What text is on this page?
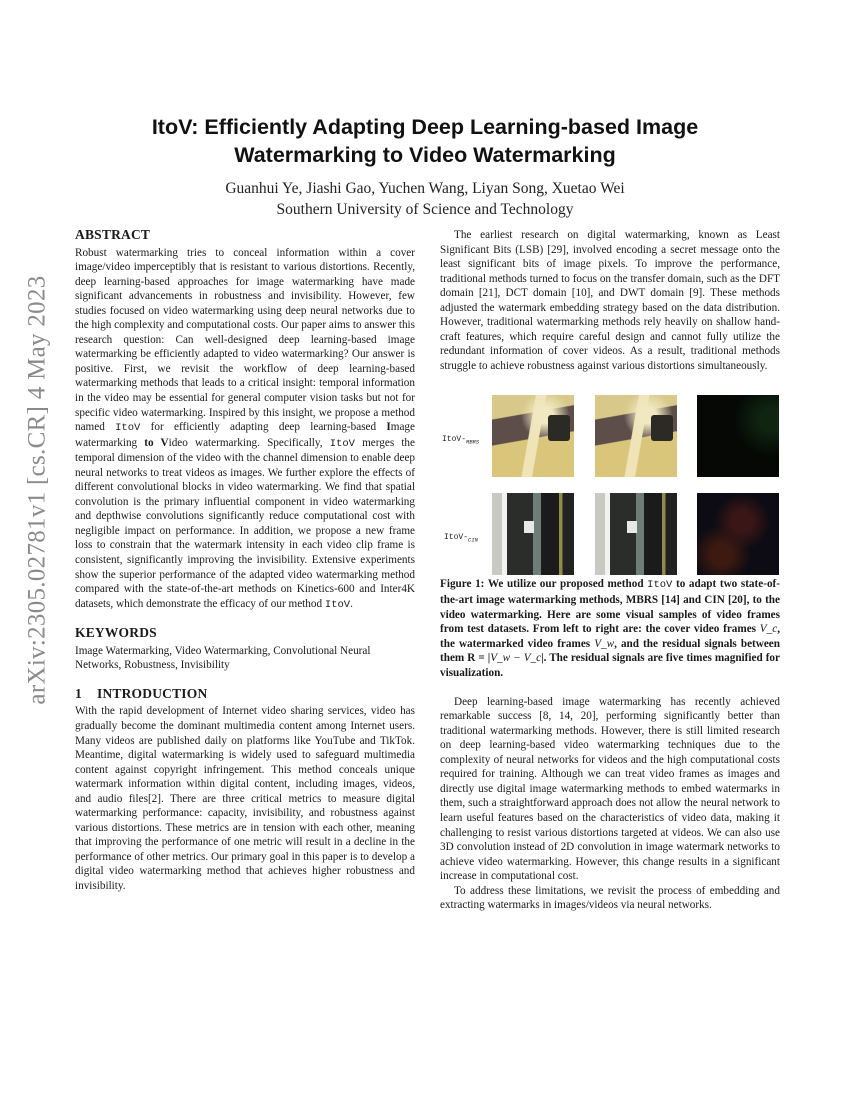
arXiv:2305.02781v1 [cs.CR] 4 May 2023
ItoV: Efficiently Adapting Deep Learning-based Image
Watermarking to Video Watermarking
Guanhui Ye, Jiashi Gao, Yuchen Wang, Liyan Song, Xuetao Wei
Southern University of Science and Technology
ABSTRACT

Robust watermarking tries to conceal information within a cover image/video imperceptibly that is resistant to various distortions. Recently, deep learning-based approaches for image watermarking have made significant advancements in robustness and invisibility. However, few studies focused on video watermarking using deep neural networks due to the high complexity and computational costs. Our paper aims to answer this research question: Can well-designed deep learning-based image watermarking be efficiently adapted to video watermarking? Our answer is positive. First, we revisit the workflow of deep learning-based watermarking methods that leads to a critical insight: temporal information in the video may be essential for general computer vision tasks but not for specific video watermarking. Inspired by this insight, we propose a method named ItoV for efficiently adapting deep learning-based Image watermarking to Video watermarking. Specifically, ItoV merges the temporal dimension of the video with the channel dimension to enable deep neural networks to treat videos as images. We further explore the effects of different convolutional blocks in video watermarking. We find that spatial convolution is the primary influential component in video watermarking and depthwise convolutions significantly reduce computational cost with negligible impact on performance. In addition, we propose a new frame loss to constrain that the watermark intensity in each video clip frame is consistent, significantly improving the invisibility. Extensive experiments show the superior performance of the adapted video watermarking method compared with the state-of-the-art methods on Kinetics-600 and Inter4K datasets, which demonstrate the efficacy of our method ItoV.

KEYWORDS

Image Watermarking, Video Watermarking, Convolutional Neural Networks, Robustness, Invisibility

1 INTRODUCTION

With the rapid development of Internet video sharing services, video has gradually become the dominant multimedia content among Internet users. Many videos are published daily on platforms like YouTube and TikTok. Meantime, digital watermarking is widely used to safeguard multimedia content against copyright infringement. This method conceals unique watermark information within digital content, including images, videos, and audio files[2]. There are three critical metrics to measure digital watermarking performance: capacity, invisibility, and robustness against various distortions. These metrics are in tension with each other, meaning that improving the performance of one metric will result in a decline in the performance of other metrics. Our primary goal in this paper is to develop a digital video watermarking method that achieves higher robustness and invisibility.

The earliest research on digital watermarking, known as Least Significant Bits (LSB) [29], involved encoding a secret message onto the least significant bits of image pixels. To improve the performance, traditional methods turned to focus on the transfer domain, such as the DFT domain [21], DCT domain [10], and DWT domain [9]. These methods adjusted the watermark embedding strategy based on the data distribution. However, traditional watermarking methods rely heavily on shallow hand-craft features, which require careful design and cannot fully utilize the redundant information of cover videos. As a result, traditional methods struggle to achieve robustness against various distortions simultaneously.

ItoV-$_{MBRS}$
ItoV-$_{CIN}$

Figure 1: We utilize our proposed method ItoV to adapt two state-of-the-art image watermarking methods, MBRS [14] and CIN [20], to the video watermarking. Here are some visual samples of video frames from test datasets. From left to right are: the cover video frames V_c, the watermarked video frames V_w, and the residual signals between them R = |V_w − V_c|. The residual signals are five times magnified for visualization.

Deep learning-based image watermarking has recently achieved remarkable success [8, 14, 20], performing significantly better than traditional watermarking methods. However, there is still limited research on deep learning-based video watermarking techniques due to the complexity of neural networks for videos and the high computational costs required for training. Although we can treat video frames as images and directly use digital image watermarking methods to embed watermarks in them, such a straightforward approach does not allow the neural network to learn useful features based on the characteristics of video data, making it challenging to resist various distortions targeted at videos. We can also use 3D convolution instead of 2D convolution in image watermark networks to achieve video watermarking. However, this change results in a significant increase in computational cost.

To address these limitations, we revisit the process of embedding and extracting watermarks in images/videos via neural networks.
